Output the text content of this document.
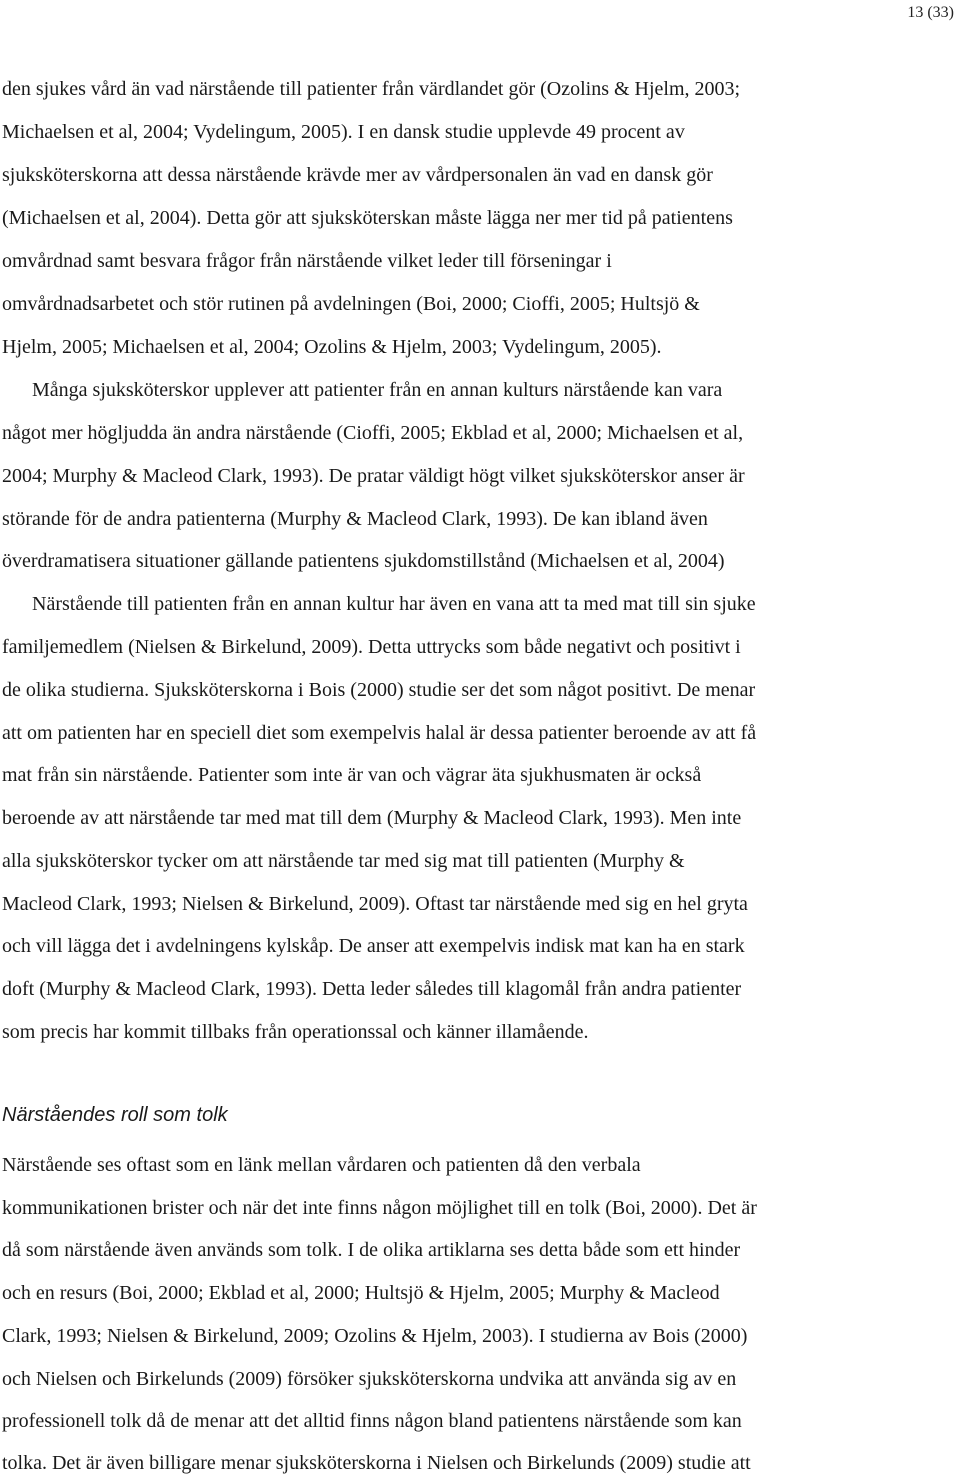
13 (33)
den sjukes vård än vad närstående till patienter från värdlandet gör (Ozolins & Hjelm, 2003;
Michaelsen et al, 2004; Vydelingum, 2005). I en dansk studie upplevde 49 procent av
sjuksköterskorna att dessa närstående krävde mer av vårdpersonalen än vad en dansk gör
(Michaelsen et al, 2004). Detta gör att sjuksköterskan måste lägga ner mer tid på patientens
omvårdnad samt besvara frågor från närstående vilket leder till förseningar i
omvårdnadsarbetet och stör rutinen på avdelningen (Boi, 2000; Cioffi, 2005; Hultsjö &
Hjelm, 2005; Michaelsen et al, 2004; Ozolins & Hjelm, 2003; Vydelingum, 2005).
Många sjuksköterskor upplever att patienter från en annan kulturs närstående kan vara
något mer högljudda än andra närstående (Cioffi, 2005; Ekblad et al, 2000; Michaelsen et al,
2004; Murphy & Macleod Clark, 1993). De pratar väldigt högt vilket sjuksköterskor anser är
störande för de andra patienterna (Murphy & Macleod Clark, 1993). De kan ibland även
överdramatisera situationer gällande patientens sjukdomstillstånd (Michaelsen et al, 2004)
Närstående till patienten från en annan kultur har även en vana att ta med mat till sin sjuke
familjemedlem (Nielsen & Birkelund, 2009). Detta uttrycks som både negativt och positivt i
de olika studierna. Sjuksköterskorna i Bois (2000) studie ser det som något positivt. De menar
att om patienten har en speciell diet som exempelvis halal är dessa patienter beroende av att få
mat från sin närstående. Patienter som inte är van och vägrar äta sjukhusmaten är också
beroende av att närstående tar med mat till dem (Murphy & Macleod Clark, 1993). Men inte
alla sjuksköterskor tycker om att närstående tar med sig mat till patienten (Murphy &
Macleod Clark, 1993; Nielsen & Birkelund, 2009). Oftast tar närstående med sig en hel gryta
och vill lägga det i avdelningens kylskåp. De anser att exempelvis indisk mat kan ha en stark
doft (Murphy & Macleod Clark, 1993). Detta leder således till klagomål från andra patienter
som precis har kommit tillbaks från operationssal och känner illamående.
Närståendes roll som tolk
Närstående ses oftast som en länk mellan vårdaren och patienten då den verbala
kommunikationen brister och när det inte finns någon möjlighet till en tolk (Boi, 2000). Det är
då som närstående även används som tolk. I de olika artiklarna ses detta både som ett hinder
och en resurs (Boi, 2000; Ekblad et al, 2000; Hultsjö & Hjelm, 2005; Murphy & Macleod
Clark, 1993; Nielsen & Birkelund, 2009; Ozolins & Hjelm, 2003). I studierna av Bois (2000)
och Nielsen och Birkelunds (2009) försöker sjuksköterskorna undvika att använda sig av en
professionell tolk då de menar att det alltid finns någon bland patientens närstående som kan
tolka. Det är även billigare menar sjuksköterskorna i Nielsen och Birkelunds (2009) studie att
